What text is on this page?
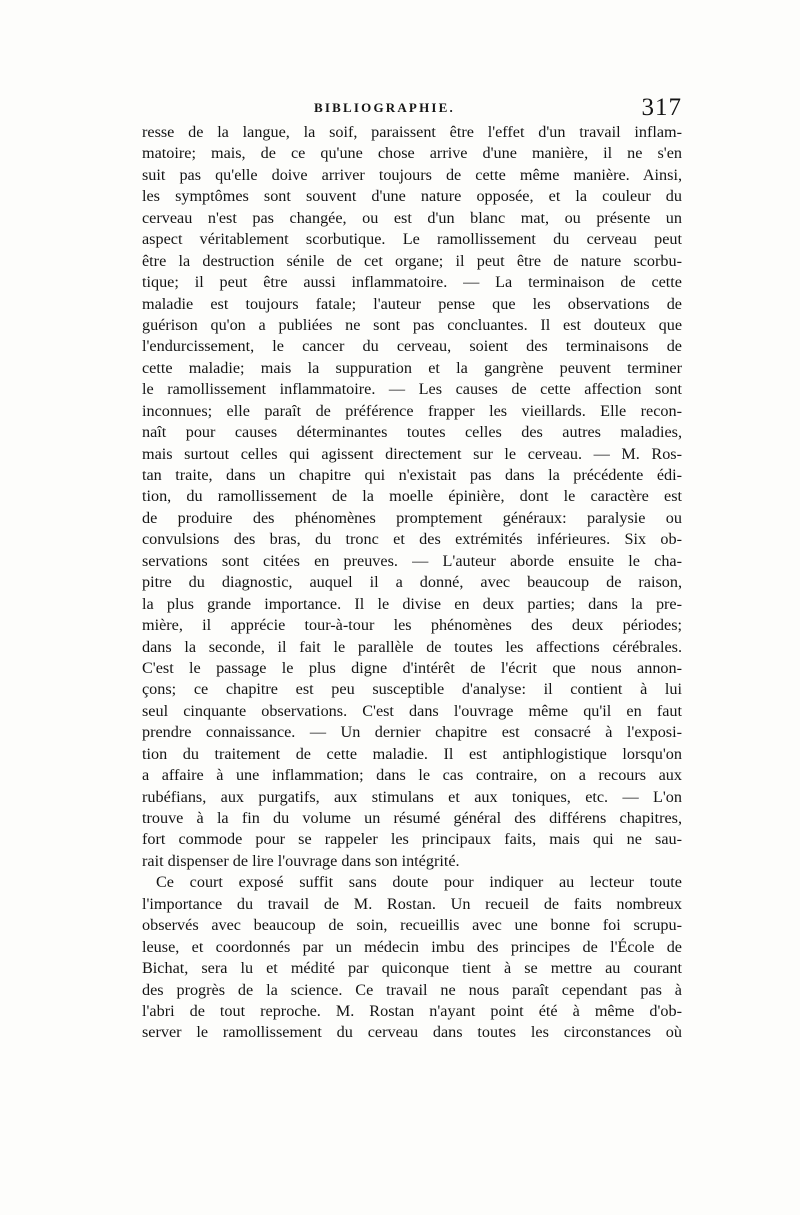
BIBLIOGRAPHIE.	317
resse de la langue, la soif, paraissent être l'effet d'un travail inflam-
matoire; mais, de ce qu'une chose arrive d'une manière, il ne s'en
suit pas qu'elle doive arriver toujours de cette même manière. Ainsi,
les symptômes sont souvent d'une nature opposée, et la couleur du
cerveau n'est pas changée, ou est d'un blanc mat, ou présente un
aspect véritablement scorbutique. Le ramollissement du cerveau peut
être la destruction sénile de cet organe; il peut être de nature scorbu-
tique; il peut être aussi inflammatoire. — La terminaison de cette
maladie est toujours fatale; l'auteur pense que les observations de
guérison qu'on a publiées ne sont pas concluantes. Il est douteux que
l'endurcissement, le cancer du cerveau, soient des terminaisons de
cette maladie; mais la suppuration et la gangrène peuvent terminer
le ramollissement inflammatoire. — Les causes de cette affection sont
inconnues; elle paraît de préférence frapper les vieillards. Elle recon-
naît pour causes déterminantes toutes celles des autres maladies,
mais surtout celles qui agissent directement sur le cerveau. — M. Ros-
tan traite, dans un chapitre qui n'existait pas dans la précédente édi-
tion, du ramollissement de la moelle épinière, dont le caractère est
de produire des phénomènes promptement généraux: paralysie ou
convulsions des bras, du tronc et des extrémités inférieures. Six ob-
servations sont citées en preuves. — L'auteur aborde ensuite le cha-
pitre du diagnostic, auquel il a donné, avec beaucoup de raison,
la plus grande importance. Il le divise en deux parties; dans la pre-
mière, il apprécie tour-à-tour les phénomènes des deux périodes;
dans la seconde, il fait le parallèle de toutes les affections cérébrales.
C'est le passage le plus digne d'intérêt de l'écrit que nous annon-
çons; ce chapitre est peu susceptible d'analyse: il contient à lui
seul cinquante observations. C'est dans l'ouvrage même qu'il en faut
prendre connaissance. — Un dernier chapitre est consacré à l'exposi-
tion du traitement de cette maladie. Il est antiphlogistique lorsqu'on
a affaire à une inflammation; dans le cas contraire, on a recours aux
rubéfians, aux purgatifs, aux stimulans et aux toniques, etc. — L'on
trouve à la fin du volume un résumé général des différens chapitres,
fort commode pour se rappeler les principaux faits, mais qui ne sau-
rait dispenser de lire l'ouvrage dans son intégrité.
Ce court exposé suffit sans doute pour indiquer au lecteur toute
l'importance du travail de M. Rostan. Un recueil de faits nombreux
observés avec beaucoup de soin, recueillis avec une bonne foi scrupu-
leuse, et coordonnés par un médecin imbu des principes de l'École de
Bichat, sera lu et médité par quiconque tient à se mettre au courant
des progrès de la science. Ce travail ne nous paraît cependant pas à
l'abri de tout reproche. M. Rostan n'ayant point été à même d'ob-
server le ramollissement du cerveau dans toutes les circonstances où
